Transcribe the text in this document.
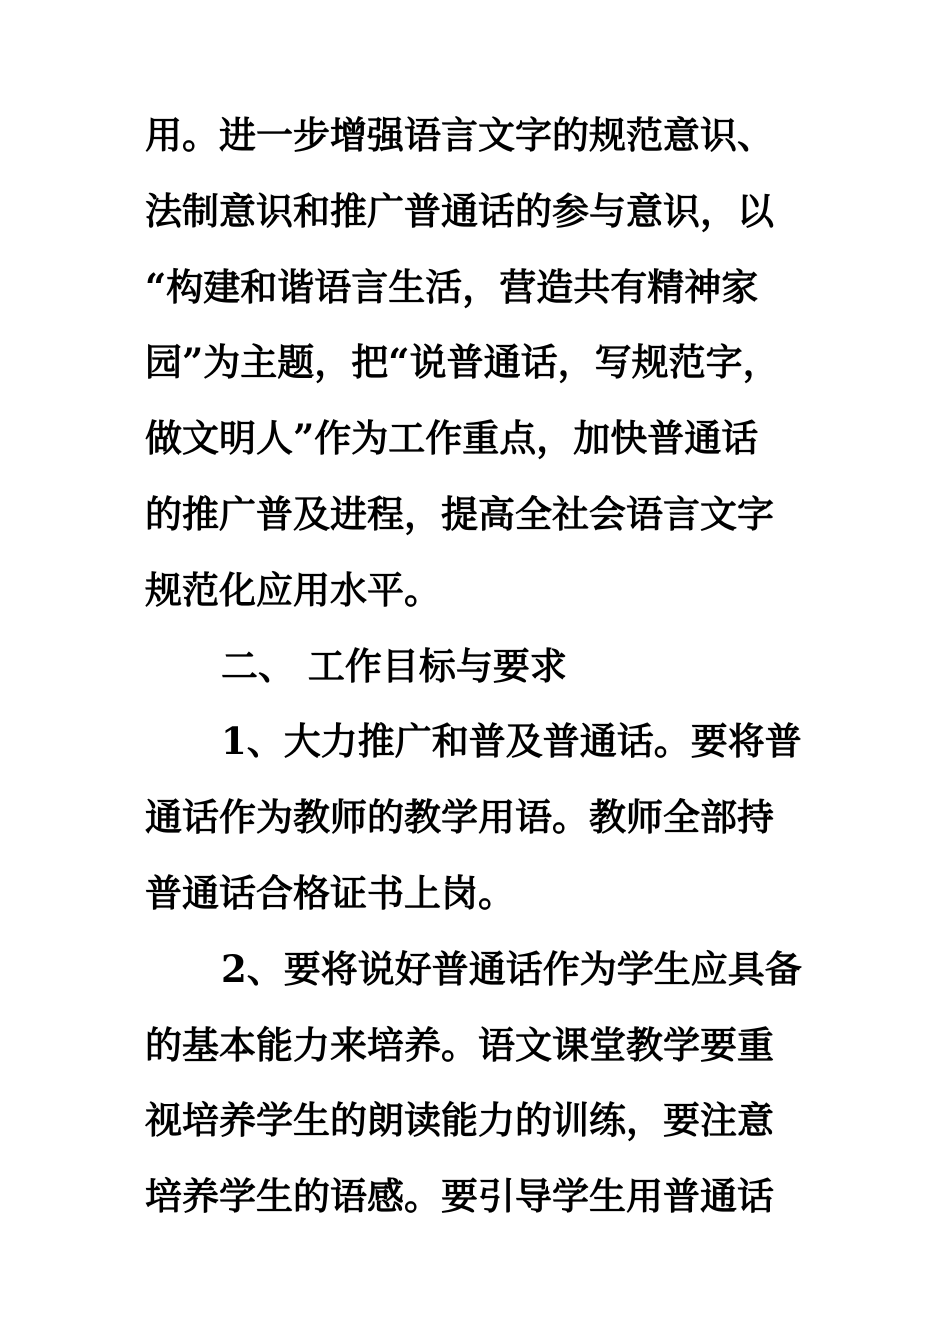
用。进一步增强语言文字的规范意识、
法制意识和推广普通话的参与意识，以
“构建和谐语言生活，营造共有精神家
园”为主题，把“说普通话，写规范字，
做文明人”作为工作重点，加快普通话
的推广普及进程，提高全社会语言文字
规范化应用水平。
二、 工作目标与要求
1、大力推广和普及普通话。要将普
通话作为教师的教学用语。教师全部持
普通话合格证书上岗。
2、要将说好普通话作为学生应具备
的基本能力来培养。语文课堂教学要重
视培养学生的朗读能力的训练，要注意
培养学生的语感。要引导学生用普通话
